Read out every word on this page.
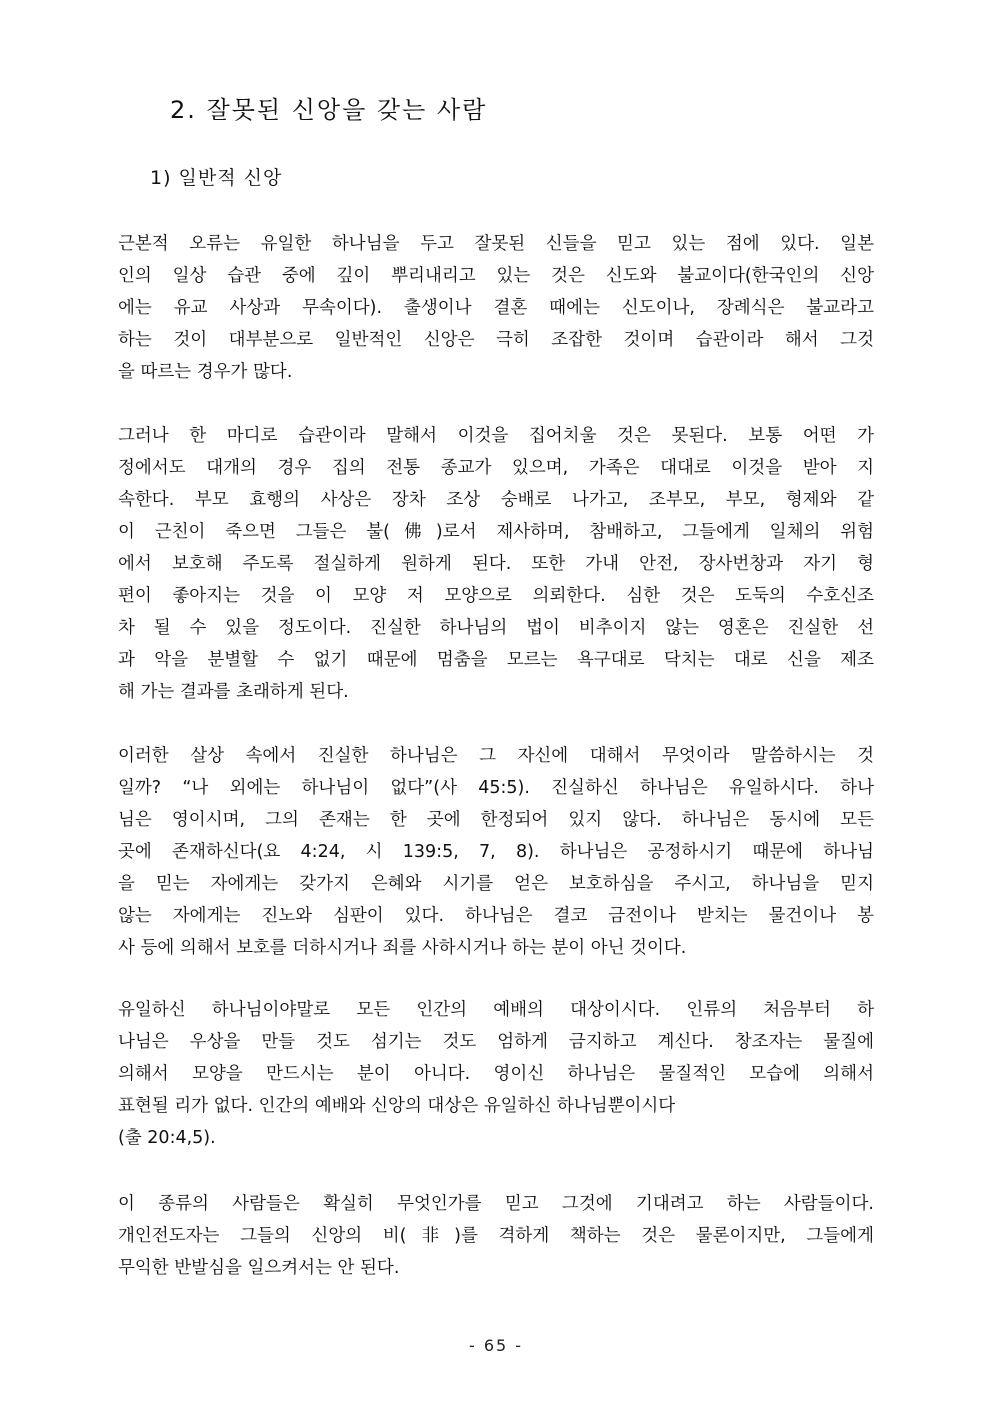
2. 잘못된 신앙을 갖는 사람
1) 일반적 신앙
근본적 오류는 유일한 하나님을 두고 잘못된 신들을 믿고 있는 점에 있다. 일본
인의 일상 습관 중에 깊이 뿌리내리고 있는 것은 신도와 불교이다(한국인의 신앙
에는 유교 사상과 무속이다). 출생이나 결혼 때에는 신도이나, 장례식은 불교라고
하는 것이 대부분으로 일반적인 신앙은 극히 조잡한 것이며 습관이라 해서 그것
을 따르는 경우가 많다.
그러나 한 마디로 습관이라 말해서 이것을 집어치울 것은 못된다. 보통 어떤 가
정에서도 대개의 경우 집의 전통 종교가 있으며, 가족은 대대로 이것을 받아 지
속한다. 부모 효행의 사상은 장차 조상 숭배로 나가고, 조부모, 부모, 형제와 같
이 근친이 죽으면 그들은 불(佛)로서 제사하며, 참배하고, 그들에게 일체의 위험
에서 보호해 주도록 절실하게 원하게 된다. 또한 가내 안전, 장사번창과 자기 형
편이 좋아지는 것을 이 모양 저 모양으로 의뢰한다. 심한 것은 도둑의 수호신조
차 될 수 있을 정도이다. 진실한 하나님의 법이 비추이지 않는 영혼은 진실한 선
과 악을 분별할 수 없기 때문에 멈춤을 모르는 욕구대로 닥치는 대로 신을 제조
해 가는 결과를 초래하게 된다.
이러한 살상 속에서 진실한 하나님은 그 자신에 대해서 무엇이라 말씀하시는 것
일까? “나 외에는 하나님이 없다”(사 45:5). 진실하신 하나님은 유일하시다. 하나
님은 영이시며, 그의 존재는 한 곳에 한정되어 있지 않다. 하나님은 동시에 모든
곳에 존재하신다(요 4:24, 시 139:5, 7, 8). 하나님은 공정하시기 때문에 하나님
을 믿는 자에게는 갖가지 은혜와 시기를 얻은 보호하심을 주시고, 하나님을 믿지
않는 자에게는 진노와 심판이 있다. 하나님은 결코 금전이나 받치는 물건이나 봉
사 등에 의해서 보호를 더하시거나 죄를 사하시거나 하는 분이 아닌 것이다.
유일하신 하나님이야말로 모든 인간의 예배의 대상이시다. 인류의 처음부터 하
나님은 우상을 만들 것도 섬기는 것도 엄하게 금지하고 계신다. 창조자는 물질에
의해서 모양을 만드시는 분이 아니다. 영이신 하나님은 물질적인 모습에 의해서
표현될 리가 없다. 인간의 예배와 신앙의 대상은 유일하신 하나님뿐이시다
(출 20:4,5).
이 종류의 사람들은 확실히 무엇인가를 믿고 그것에 기대려고 하는 사람들이다.
개인전도자는 그들의 신앙의 비(非)를 격하게 책하는 것은 물론이지만, 그들에게
무익한 반발심을 일으켜서는 안 된다.
- 65 -
